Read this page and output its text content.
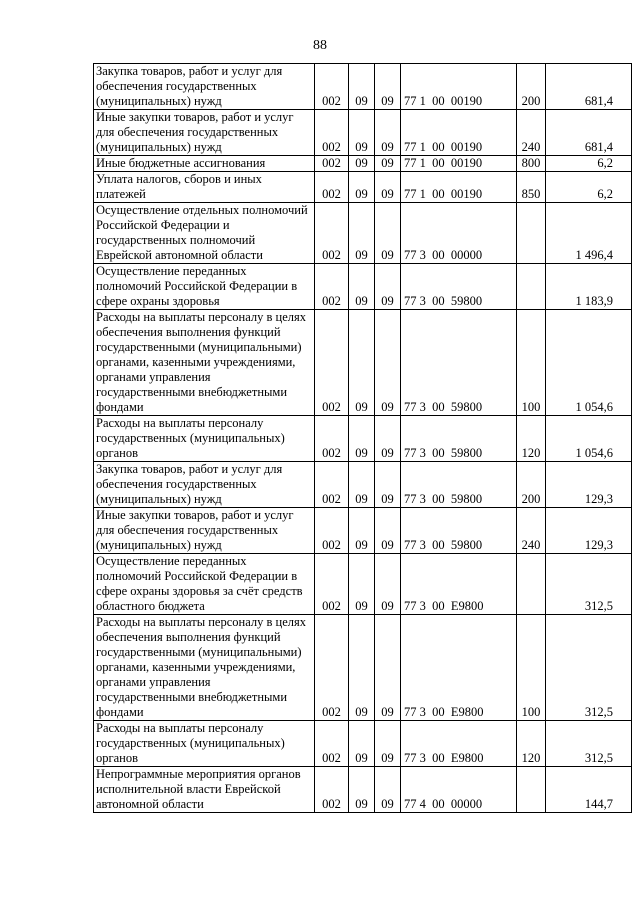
88
Закупка товаров, работ и услуг для обеспечения государственных (муниципальных) нужд	002	09	09	77 1  00  00190	200	681,4
Иные закупки товаров, работ и услуг для обеспечения государственных (муниципальных) нужд	002	09	09	77 1  00  00190	240	681,4
Иные бюджетные ассигнования	002	09	09	77 1  00  00190	800	6,2
Уплата налогов, сборов и иных платежей	002	09	09	77 1  00  00190	850	6,2
Осуществление отдельных полномочий Российской Федерации и государственных полномочий Еврейской автономной области	002	09	09	77 3  00  00000		1 496,4
Осуществление переданных полномочий Российской Федерации в сфере охраны здоровья	002	09	09	77 3  00  59800		1 183,9
Расходы на выплаты персоналу в целях обеспечения выполнения функций государственными (муниципальными) органами, казенными учреждениями, органами управления государственными внебюджетными фондами	002	09	09	77 3  00  59800	100	1 054,6
Расходы на выплаты персоналу государственных (муниципальных) органов	002	09	09	77 3  00  59800	120	1 054,6
Закупка товаров, работ и услуг для обеспечения государственных (муниципальных) нужд	002	09	09	77 3  00  59800	200	129,3
Иные закупки товаров, работ и услуг для обеспечения государственных (муниципальных) нужд	002	09	09	77 3  00  59800	240	129,3
Осуществление переданных полномочий Российской Федерации в сфере охраны здоровья за счёт средств областного бюджета	002	09	09	77 3  00  E9800		312,5
Расходы на выплаты персоналу в целях обеспечения выполнения функций государственными (муниципальными) органами, казенными учреждениями, органами управления государственными внебюджетными фондами	002	09	09	77 3  00  E9800	100	312,5
Расходы на выплаты персоналу государственных (муниципальных) органов	002	09	09	77 3  00  E9800	120	312,5
Непрограммные мероприятия органов исполнительной власти Еврейской автономной области	002	09	09	77 4  00  00000		144,7
